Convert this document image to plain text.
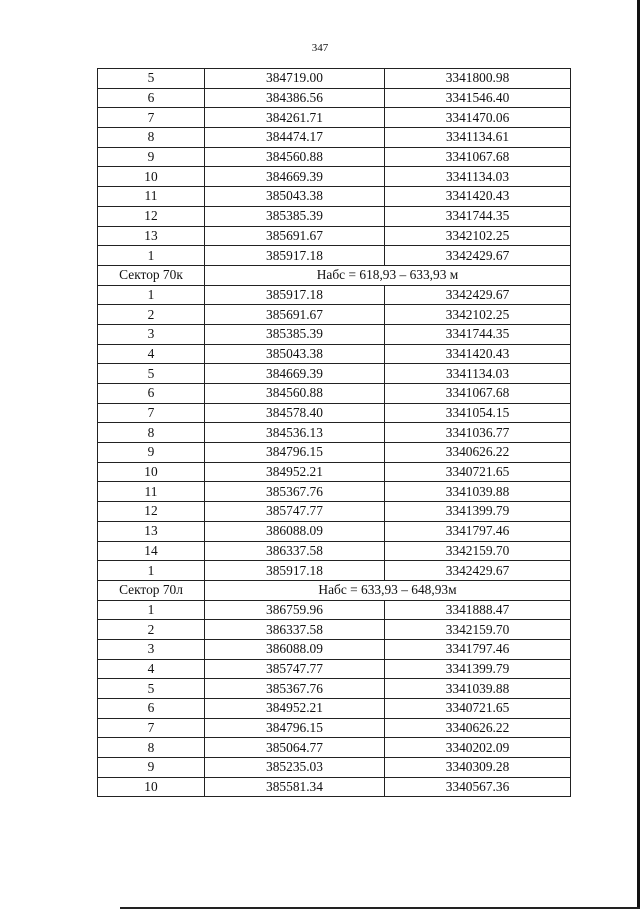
347
5	384719.00	3341800.98
6	384386.56	3341546.40
7	384261.71	3341470.06
8	384474.17	3341134.61
9	384560.88	3341067.68
10	384669.39	3341134.03
11	385043.38	3341420.43
12	385385.39	3341744.35
13	385691.67	3342102.25
1	385917.18	3342429.67
Сектор 70к	Набс = 618,93 – 633,93 м	
1	385917.18	3342429.67
2	385691.67	3342102.25
3	385385.39	3341744.35
4	385043.38	3341420.43
5	384669.39	3341134.03
6	384560.88	3341067.68
7	384578.40	3341054.15
8	384536.13	3341036.77
9	384796.15	3340626.22
10	384952.21	3340721.65
11	385367.76	3341039.88
12	385747.77	3341399.79
13	386088.09	3341797.46
14	386337.58	3342159.70
1	385917.18	3342429.67
Сектор 70л	Набс = 633,93 – 648,93м	
1	386759.96	3341888.47
2	386337.58	3342159.70
3	386088.09	3341797.46
4	385747.77	3341399.79
5	385367.76	3341039.88
6	384952.21	3340721.65
7	384796.15	3340626.22
8	385064.77	3340202.09
9	385235.03	3340309.28
10	385581.34	3340567.36
